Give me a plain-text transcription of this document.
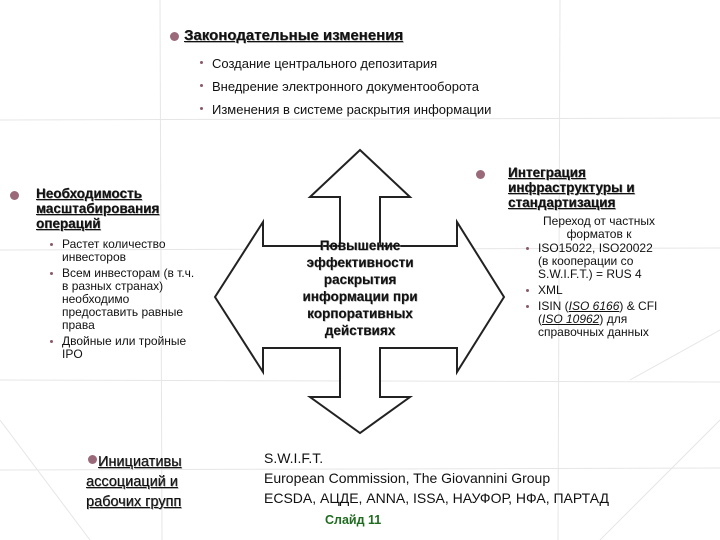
Законодательные изменения
Создание центрального депозитария
Внедрение электронного документооборота
Изменения в системе раскрытия информации
Необходимость
масштабирования
операций
Растет количество
инвесторов
Всем инвесторам (в т.ч.
в разных странах)
необходимо
предоставить равные
права
Двойные или тройные
IPO
Повышение
эффективности
раскрытия
информации при
корпоративных
действиях
Интеграция
инфраструктуры и
стандартизация
Переход от частных
форматов к
ISO15022, ISO20022
(в кооперации со
S.W.I.F.T.) = RUS 4
XML
ISIN (ISO 6166) & CFI
(ISO 10962) для
справочных данных
Инициативы
ассоциаций и
рабочих групп
S.W.I.F.T.
European Commission, The Giovannini Group
ECSDA, АЦДЕ, ANNA, ISSA, НАУФОР, НФА, ПАРТАД
Слайд 11
